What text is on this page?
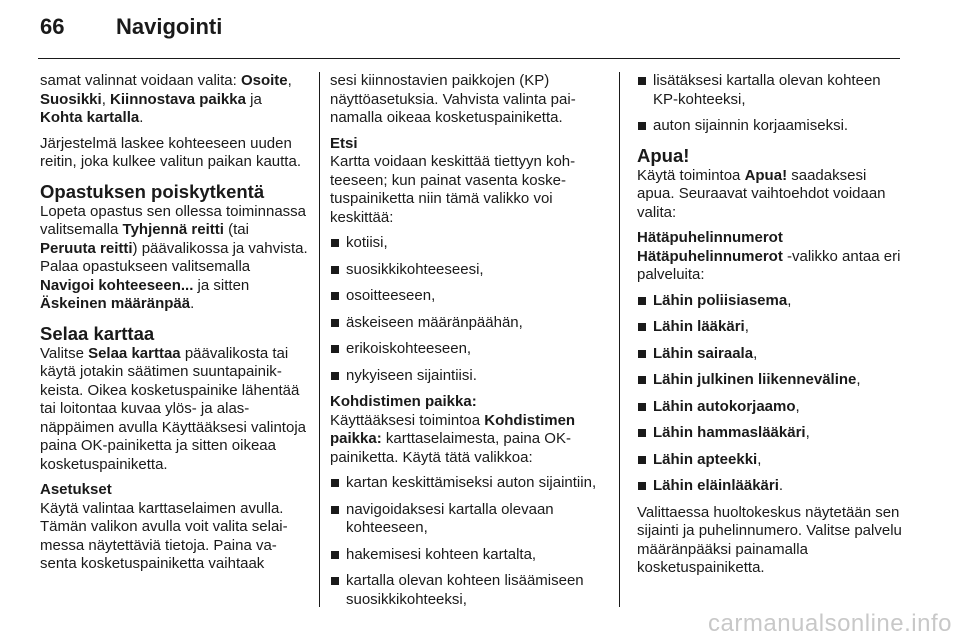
66 Navigointi

samat valinnat voidaan valita: Osoite, Suosikki, Kiinnostava paikka ja Kohta kartalla.

Järjestelmä laskee kohteeseen uuden reitin, joka kulkee valitun paikan kautta.

Opastuksen poiskytkentä

Lopeta opastus sen ollessa toiminnassa valitsemalla Tyhjennä reitti (tai Peruuta reitti) päävalikossa ja vahvista. Palaa opastukseen valitsemalla Navigoi kohteeseen... ja sitten Äskeinen määränpää.

Selaa karttaa

Valitse Selaa karttaa päävalikosta tai käytä jotakin säätimen suuntapainikkeista. Oikea kosketuspainike lähentää tai loitontaa kuvaa ylös- ja alasnäppäimen avulla Käyttääksesi valintoja paina OK-painiketta ja sitten oikeaa kosketuspainiketta.

Asetukset

Käytä valintaa karttaselaimen avulla. Tämän valikon avulla voit valita selaimessa näytettäviä tietoja. Paina vasenta kosketuspainiketta vaihtaak

sesi kiinnostavien paikkojen (KP) näyttöasetuksia. Vahvista valinta painamalla oikeaa kosketuspainiketta.

Etsi

Kartta voidaan keskittää tiettyyn kohteeseen; kun painat vasenta kosketuspainiketta niin tämä valikko voi keskittää:

kotiisi,
suosikkikohteeseesi,
osoitteeseen,
äskeiseen määränpäähän,
erikoiskohteeseen,
nykyiseen sijaintiisi.
Kohdistimen paikka:

Käyttääksesi toimintoa Kohdistimen paikka: karttaselaimesta, paina OK-painiketta. Käytä tätä valikkoa:

kartan keskittämiseksi auton sijaintiin,
navigoidaksesi kartalla olevaan kohteeseen,
hakemisesi kohteen kartalta,
kartalla olevan kohteen lisäämiseen suosikkikohteeksi,
lisätäksesi kartalla olevan kohteen KP-kohteeksi,
auton sijainnin korjaamiseksi.
Apua!

Käytä toimintoa Apua! saadaksesi apua. Seuraavat vaihtoehdot voidaan valita:

Hätäpuhelinnumerot

Hätäpuhelinnumerot -valikko antaa eri palveluita:

Lähin poliisiasema,
Lähin lääkäri,
Lähin sairaala,
Lähin julkinen liikenneväline,
Lähin autokorjaamo,
Lähin hammaslääkäri,
Lähin apteekki,
Lähin eläinlääkäri.

Valittaessa huoltokeskus näytetään sen sijainti ja puhelinnumero. Valitse palvelu määränpääksi painamalla kosketuspainiketta.

carmanualsonline.info
